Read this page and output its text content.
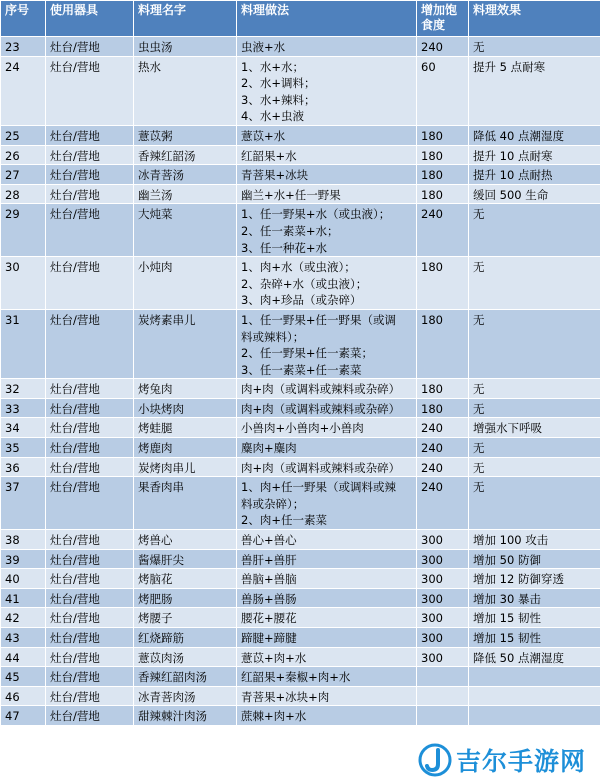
序号	使用器具	料理名字	料理做法	增加饱食度	料理效果
23	灶台/营地	虫虫汤	虫液+水	240	无
24	灶台/营地	热水	1、水+水；
2、水+调料；
3、水+辣料；
4、水+虫液	60	提升 5 点耐寒
25	灶台/营地	薏苡粥	薏苡+水	180	降低 40 点潮湿度
26	灶台/营地	香辣红韶汤	红韶果+水	180	提升 10 点耐寒
27	灶台/营地	冰青菩汤	青菩果+冰块	180	提升 10 点耐热
28	灶台/营地	幽兰汤	幽兰+水+任一野果	180	缓回 500 生命
29	灶台/营地	大炖菜	1、任一野果+水（或虫液）；
2、任一素菜+水；
3、任一种花+水	240	无
30	灶台/营地	小炖肉	1、肉+水（或虫液）；
2、杂碎+水（或虫液）；
3、肉+珍品（或杂碎）	180	无
31	灶台/营地	炭烤素串儿	1、任一野果+任一野果（或调
料或辣料）；
2、任一野果+任一素菜；
3、任一素菜+任一素菜	180	无
32	灶台/营地	烤兔肉	肉+肉（或调料或辣料或杂碎）	180	无
33	灶台/营地	小块烤肉	肉+肉（或调料或辣料或杂碎）	180	无
34	灶台/营地	烤蛙腿	小兽肉+小兽肉+小兽肉	240	增强水下呼吸
35	灶台/营地	烤鹿肉	麋肉+麋肉	240	无
36	灶台/营地	炭烤肉串儿	肉+肉（或调料或辣料或杂碎）	240	无
37	灶台/营地	果香肉串	1、肉+任一野果（或调料或辣
料或杂碎）；
2、肉+任一素菜	240	无
38	灶台/营地	烤兽心	兽心+兽心	300	增加 100 攻击
39	灶台/营地	酱爆肝尖	兽肝+兽肝	300	增加 50 防御
40	灶台/营地	烤脑花	兽脑+兽脑	300	增加 12 防御穿透
41	灶台/营地	烤肥肠	兽肠+兽肠	300	增加 30 暴击
42	灶台/营地	烤腰子	腰花+腰花	300	增加 15 韧性
43	灶台/营地	红烧蹄筋	蹄腱+蹄腱	300	增加 15 韧性
44	灶台/营地	薏苡肉汤	薏苡+肉+水	300	降低 50 点潮湿度
45	灶台/营地	香辣红韶肉汤	红韶果+秦椒+肉+水		

46	灶台/营地	冰青菩肉汤	青菩果+冰块+肉		

47	灶台/营地	甜辣棘汁肉汤	蔗棘+肉+水		

吉尔手游网
